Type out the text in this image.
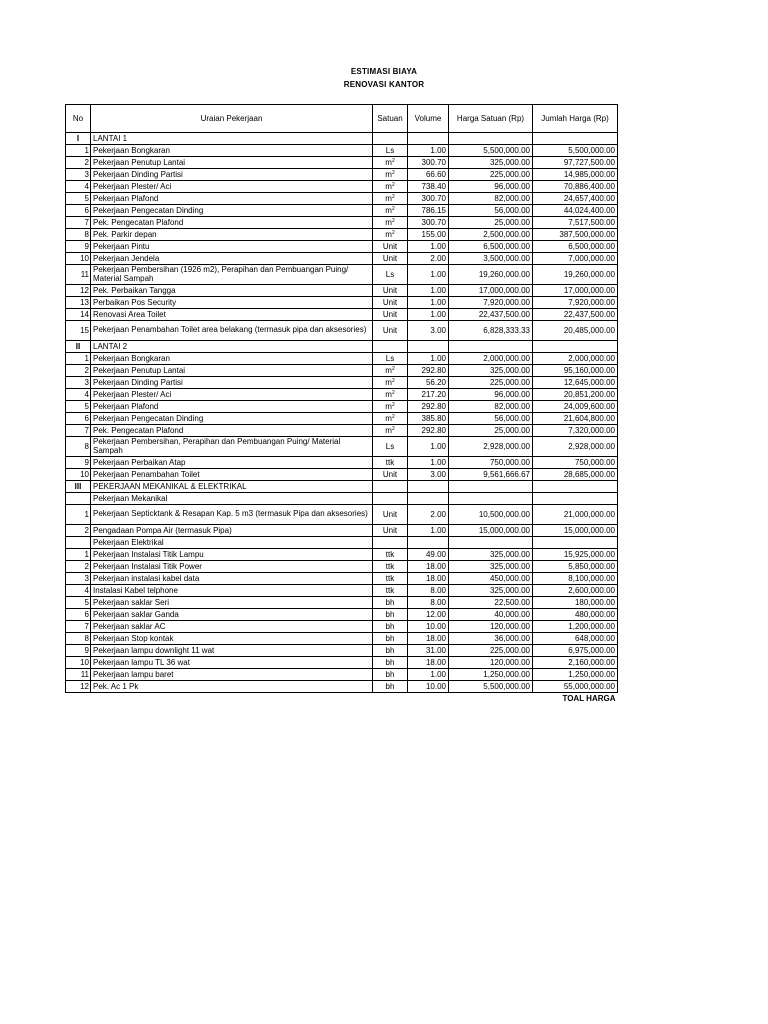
ESTIMASI BIAYA
RENOVASI KANTOR
No	Uraian Pekerjaan	Satuan	Volume	Harga Satuan (Rp)	Jumlah Harga (Rp)
I	LANTAI 1				
1	Pekerjaan Bongkaran	Ls	1.00	5,500,000.00	5,500,000.00
2	Pekerjaan Penutup Lantai	$m^2$	300.70	325,000.00	97,727,500.00
3	Pekerjaan Dinding Partisi	$m^2$	66.60	225,000.00	14,985,000.00
4	Pekerjaan Plester/ Aci	$m^2$	738.40	96,000.00	70,886,400.00
5	Pekerjaan Plafond	$m^2$	300.70	82,000.00	24,657,400.00
6	Pekerjaan Pengecatan Dinding	$m^2$	786.15	56,000.00	44,024,400.00
7	Pek. Pengecatan Plafond	$m^2$	300.70	25,000.00	7,517,500.00
8	Pek. Parkir depan	$m^2$	155.00	2,500,000.00	387,500,000.00
9	Pekerjaan Pintu	Unit	1.00	6,500,000.00	6,500,000.00
10	Pekerjaan Jendela	Unit	2.00	3,500,000.00	7,000,000.00
11	Pekerjaan Pembersihan (1926 m2), Perapihan dan Pembuangan Puing/ Material Sampah	Ls	1.00	19,260,000.00	19,260,000.00
12	Pek. Perbaikan Tangga	Unit	1.00	17,000,000.00	17,000,000.00
13	Perbaikan Pos Security	Unit	1.00	7,920,000.00	7,920,000.00
14	Renovasi Area Toilet	Unit	1.00	22,437,500.00	22,437,500.00
15	Pekerjaan Penambahan Toilet area belakang (termasuk pipa dan aksesories)	Unit	3.00	6,828,333.33	20,485,000.00
II	LANTAI 2				
1	Pekerjaan Bongkaran	Ls	1.00	2,000,000.00	2,000,000.00
2	Pekerjaan Penutup Lantai	$m^2$	292.80	325,000.00	95,160,000.00
3	Pekerjaan Dinding Partisi	$m^2$	56.20	225,000.00	12,645,000.00
4	Pekerjaan Plester/ Aci	$m^2$	217.20	96,000.00	20,851,200.00
5	Pekerjaan Plafond	$m^2$	292.80	82,000.00	24,009,600.00
6	Pekerjaan Pengecatan Dinding	$m^2$	385.80	56,000.00	21,604,800.00
7	Pek. Pengecatan Plafond	$m^2$	292.80	25,000.00	7,320,000.00
8	Pekerjaan Pembersihan, Perapihan dan Pembuangan Puing/ Material Sampah	Ls	1.00	2,928,000.00	2,928,000.00
9	Pekerjaan Perbaikan Atap	ttk	1.00	750,000.00	750,000.00
10	Pekerjaan Penambahan Toilet	Unit	3.00	9,561,666.67	28,685,000.00
III	PEKERJAAN MEKANIKAL & ELEKTRIKAL				
	Pekerjaan Mekanikal				
1	Pekerjaan Septicktank & Resapan Kap. 5 m3 (termasuk Pipa dan aksesories)	Unit	2.00	10,500,000.00	21,000,000.00
2	Pengadaan Pompa Air (termasuk Pipa)	Unit	1.00	15,000,000.00	15,000,000.00
	Pekerjaan Elektrikal				
1	Pekerjaan Instalasi Titik Lampu	ttk	49.00	325,000.00	15,925,000.00
2	Pekerjaan Instalasi Titik Power	ttk	18.00	325,000.00	5,850,000.00
3	Pekerjaan instalasi kabel data	ttk	18.00	450,000.00	8,100,000.00
4	Instalasi Kabel telphone	ttk	8.00	325,000.00	2,600,000.00
5	Pekerjaan saklar Seri	bh	8.00	22,500.00	180,000.00
6	Pekerjaan saklar Ganda	bh	12.00	40,000.00	480,000.00
7	Pekerjaan saklar AC	bh	10.00	120,000.00	1,200,000.00
8	Pekerjaan Stop kontak	bh	18.00	36,000.00	648,000.00
9	Pekerjaan lampu downlight 11 wat	bh	31.00	225,000.00	6,975,000.00
10	Pekerjaan lampu TL 36 wat	bh	18.00	120,000.00	2,160,000.00
11	Pekerjaan lampu baret	bh	1.00	1,250,000.00	1,250,000.00
12	Pek. Ac 1 Pk	bh	10.00	5,500,000.00	55,000,000.00
					TOAL HARGA
